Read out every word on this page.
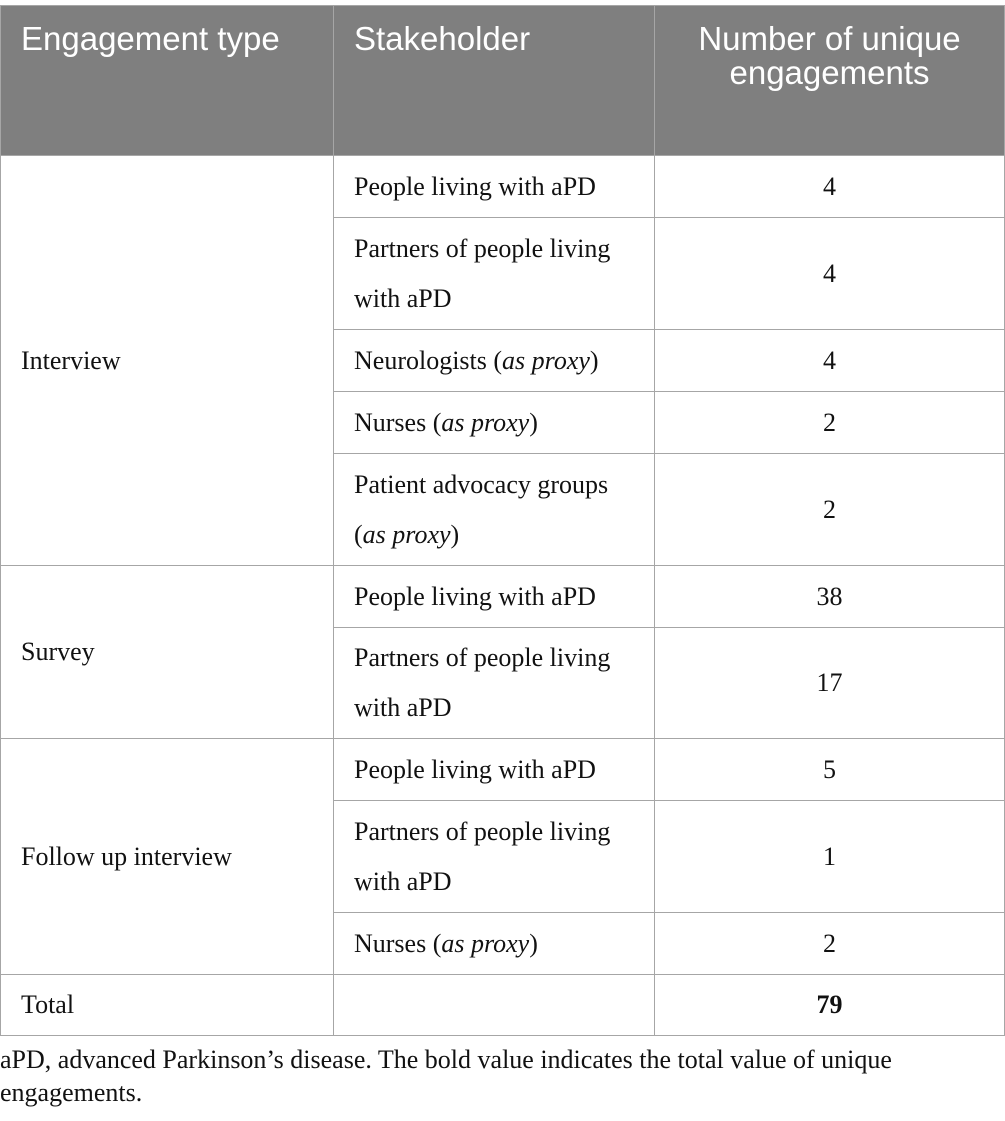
Engagement type	Stakeholder	Number of unique engagements
Interview	People living with aPD	4
	Partners of people living with aPD	4
	Neurologists (as proxy)	4
	Nurses (as proxy)	2
	Patient advocacy groups (as proxy)	2
Survey	People living with aPD	38
	Partners of people living with aPD	17
Follow up interview	People living with aPD	5
	Partners of people living with aPD	1
	Nurses (as proxy)	2
Total		79
aPD, advanced Parkinson’s disease. The bold value indicates the total value of unique engagements.
